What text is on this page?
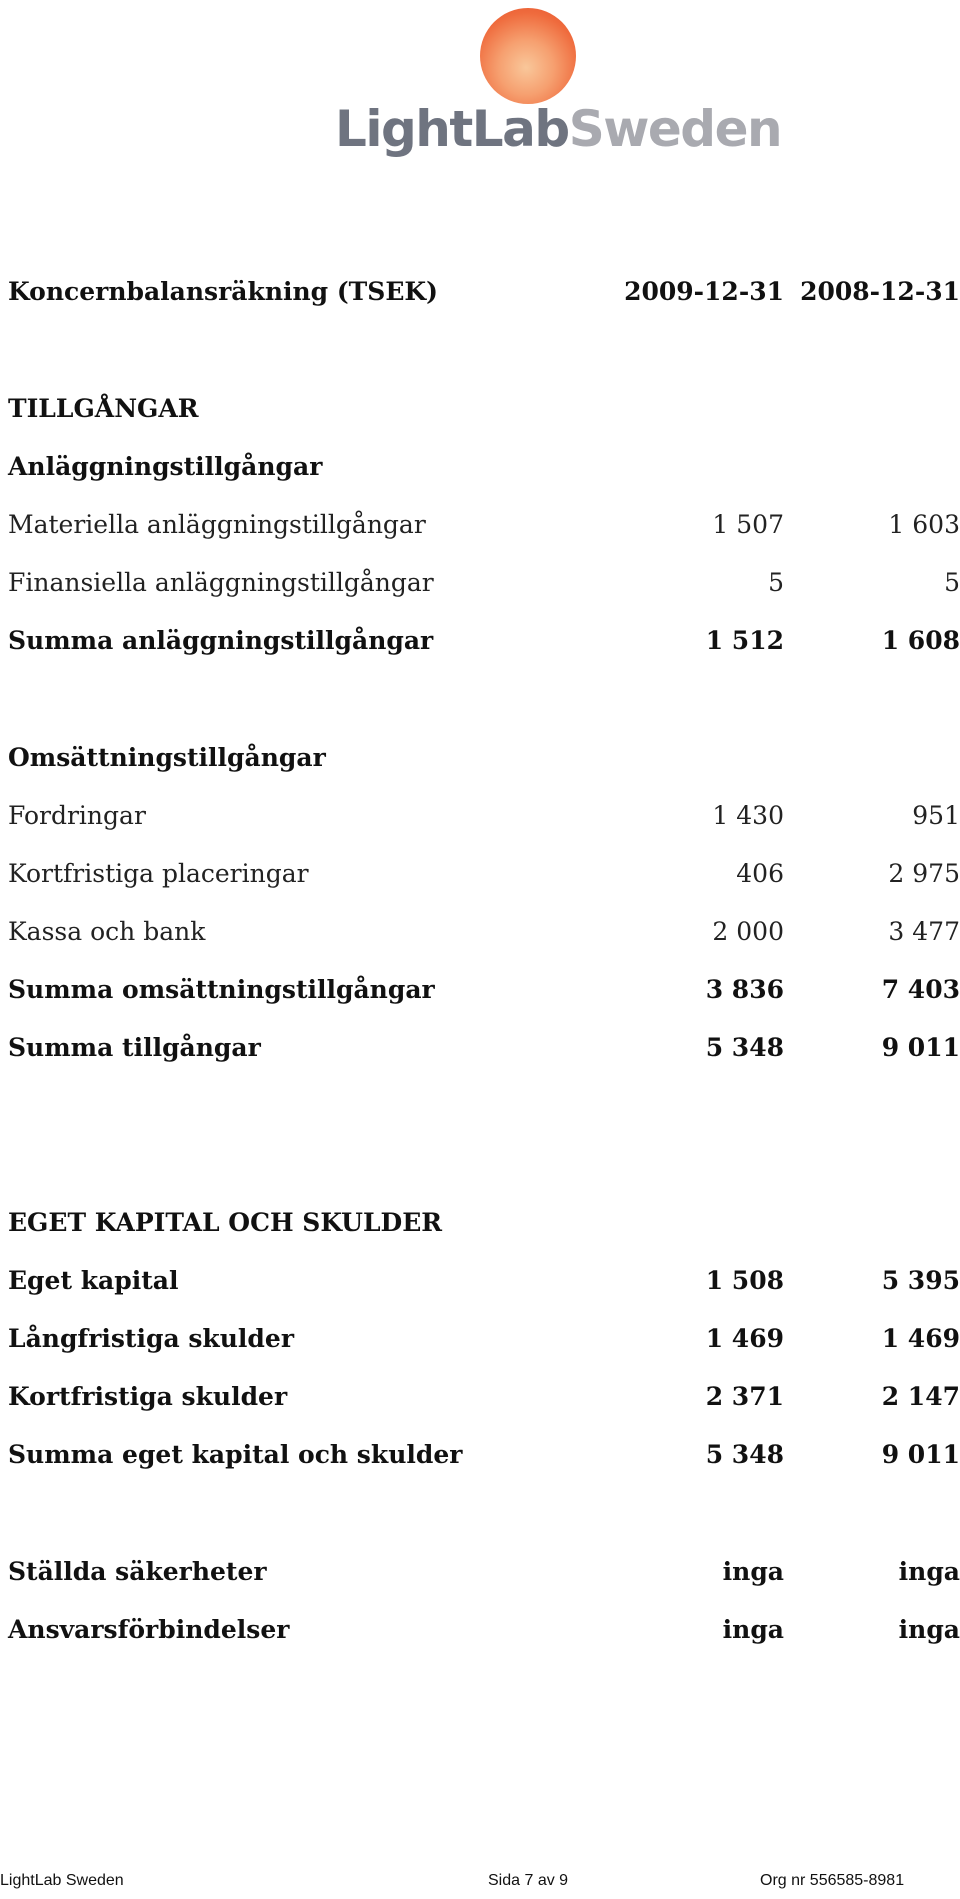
LightLabSweden
Koncernbalansräkning (TSEK)	2009-12-31 2008-12-31
TILLGÅNGAR
Anläggningstillgångar
Materiella anläggningstillgångar	1 507	1 603
Finansiella anläggningstillgångar	5	5
Summa anläggningstillgångar	1 512	1 608
Omsättningstillgångar
Fordringar	1 430	951
Kortfristiga placeringar	406	2 975
Kassa och bank	2 000	3 477
Summa omsättningstillgångar	3 836	7 403
Summa tillgångar	5 348	9 011
EGET KAPITAL OCH SKULDER
Eget kapital	1 508	5 395
Långfristiga skulder	1 469	1 469
Kortfristiga skulder	2 371	2 147
Summa eget kapital och skulder	5 348	9 011
Ställda säkerheter	inga	inga
Ansvarsförbindelser	inga	inga
LightLab Sweden	Sida 7 av 9	Org nr 556585-8981
